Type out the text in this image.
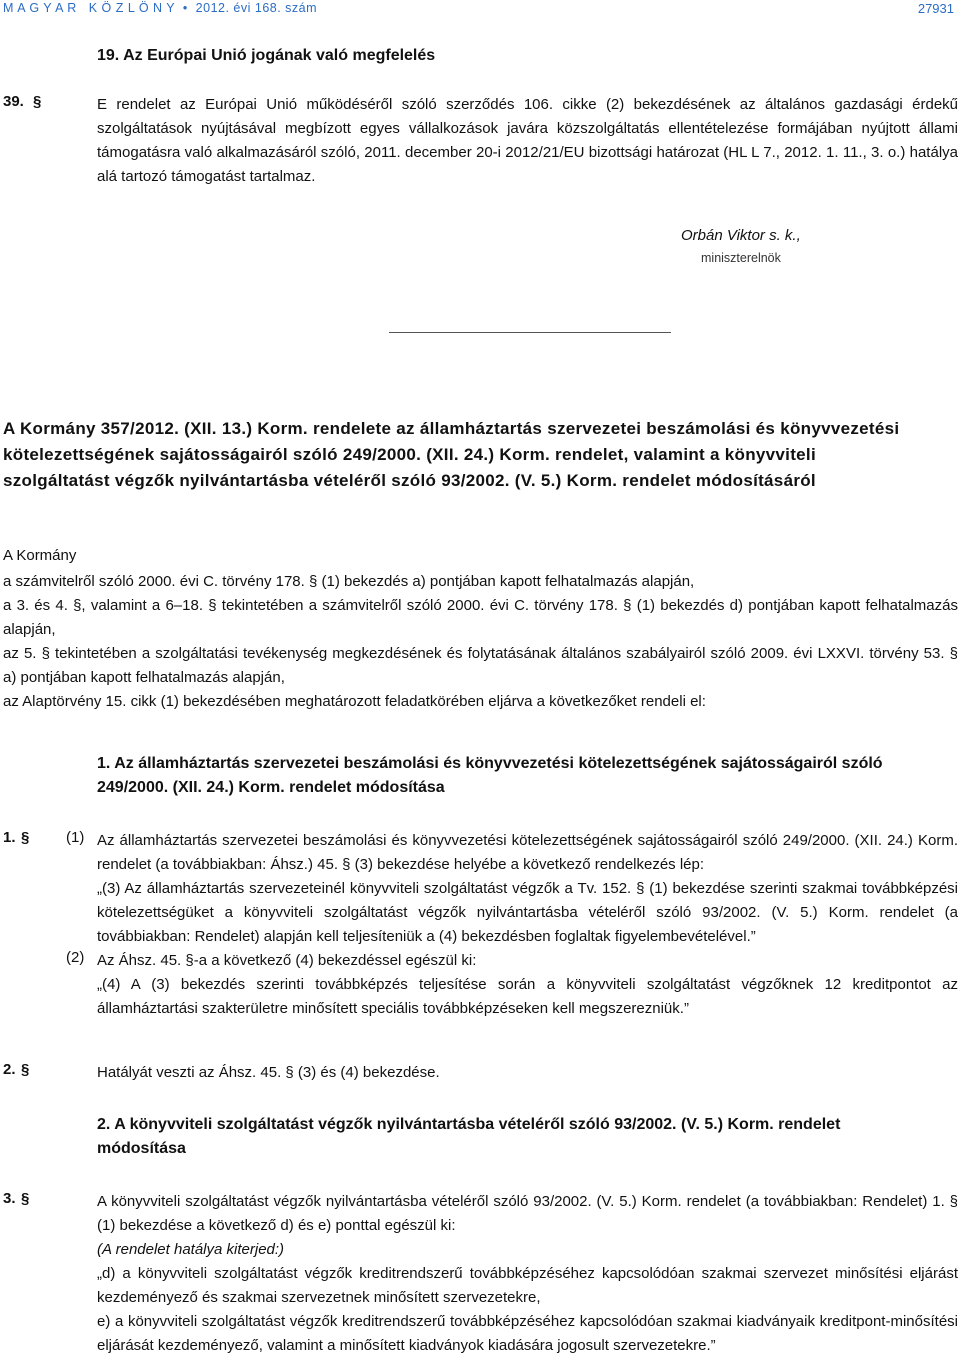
M A G Y A R   K Ö Z L Ö N Y  •  2012. évi 168. szám	27931
19. Az Európai Unió jogának való megfelelés
39. §	E rendelet az Európai Unió működéséről szóló szerződés 106. cikke (2) bekezdésének az általános gazdasági érdekű szolgáltatások nyújtásával megbízott egyes vállalkozások javára közszolgáltatás ellentételezése formájában nyújtott állami támogatásra való alkalmazásáról szóló, 2011. december 20-i 2012/21/EU bizottsági határozat (HL L 7., 2012. 1. 11., 3. o.) hatálya alá tartozó támogatást tartalmaz.
Orbán Viktor s. k.,
miniszterelnök
A Kormány 357/2012. (XII. 13.) Korm. rendelete az államháztartás szervezetei beszámolási és könyvvezetési kötelezettségének sajátosságairól szóló 249/2000. (XII. 24.) Korm. rendelet, valamint a könyvviteli szolgáltatást végzők nyilvántartásba vételéről szóló 93/2002. (V. 5.) Korm. rendelet módosításáról
A Kormány
a számvitelről szóló 2000. évi C. törvény 178. § (1) bekezdés a) pontjában kapott felhatalmazás alapján,
a 3. és 4. §, valamint a 6–18. § tekintetében a számvitelről szóló 2000. évi C. törvény 178. § (1) bekezdés d) pontjában kapott felhatalmazás alapján,
az 5. § tekintetében a szolgáltatási tevékenység megkezdésének és folytatásának általános szabályairól szóló 2009. évi LXXVI. törvény 53. § a) pontjában kapott felhatalmazás alapján,
az Alaptörvény 15. cikk (1) bekezdésében meghatározott feladatkörében eljárva a következőket rendeli el:
1. Az államháztartás szervezetei beszámolási és könyvvezetési kötelezettségének sajátosságairól szóló 249/2000. (XII. 24.) Korm. rendelet módosítása
1. § (1) Az államháztartás szervezetei beszámolási és könyvvezetési kötelezettségének sajátosságairól szóló 249/2000. (XII. 24.) Korm. rendelet (a továbbiakban: Áhsz.) 45. § (3) bekezdése helyébe a következő rendelkezés lép:
„(3) Az államháztartás szervezeteinél könyvviteli szolgáltatást végzők a Tv. 152. § (1) bekezdése szerinti szakmai továbbképzési kötelezettségüket a könyvviteli szolgáltatást végzők nyilvántartásba vételéről szóló 93/2002. (V. 5.) Korm. rendelet (a továbbiakban: Rendelet) alapján kell teljesíteniük a (4) bekezdésben foglaltak figyelembevételével.”
(2) Az Áhsz. 45. §-a a következő (4) bekezdéssel egészül ki:
„(4) A (3) bekezdés szerinti továbbképzés teljesítése során a könyvviteli szolgáltatást végzőknek 12 kreditpontot az államháztartási szakterületre minősített speciális továbbképzéseken kell megszerezniük.”
2. §	Hatályát veszti az Áhsz. 45. § (3) és (4) bekezdése.
2. A könyvviteli szolgáltatást végzők nyilvántartásba vételéről szóló 93/2002. (V. 5.) Korm. rendelet módosítása
3. §	A könyvviteli szolgáltatást végzők nyilvántartásba vételéről szóló 93/2002. (V. 5.) Korm. rendelet (a továbbiakban: Rendelet) 1. § (1) bekezdése a következő d) és e) ponttal egészül ki:
(A rendelet hatálya kiterjed:)
„d) a könyvviteli szolgáltatást végzők kreditrendszerű továbbképzéséhez kapcsolódóan szakmai szervezet minősítési eljárást kezdeményező és szakmai szervezetnek minősített szervezetekre,
e) a könyvviteli szolgáltatást végzők kreditrendszerű továbbképzéséhez kapcsolódóan szakmai kiadványaik kreditpont-minősítési eljárását kezdeményező, valamint a minősített kiadványok kiadására jogosult szervezetekre.”
